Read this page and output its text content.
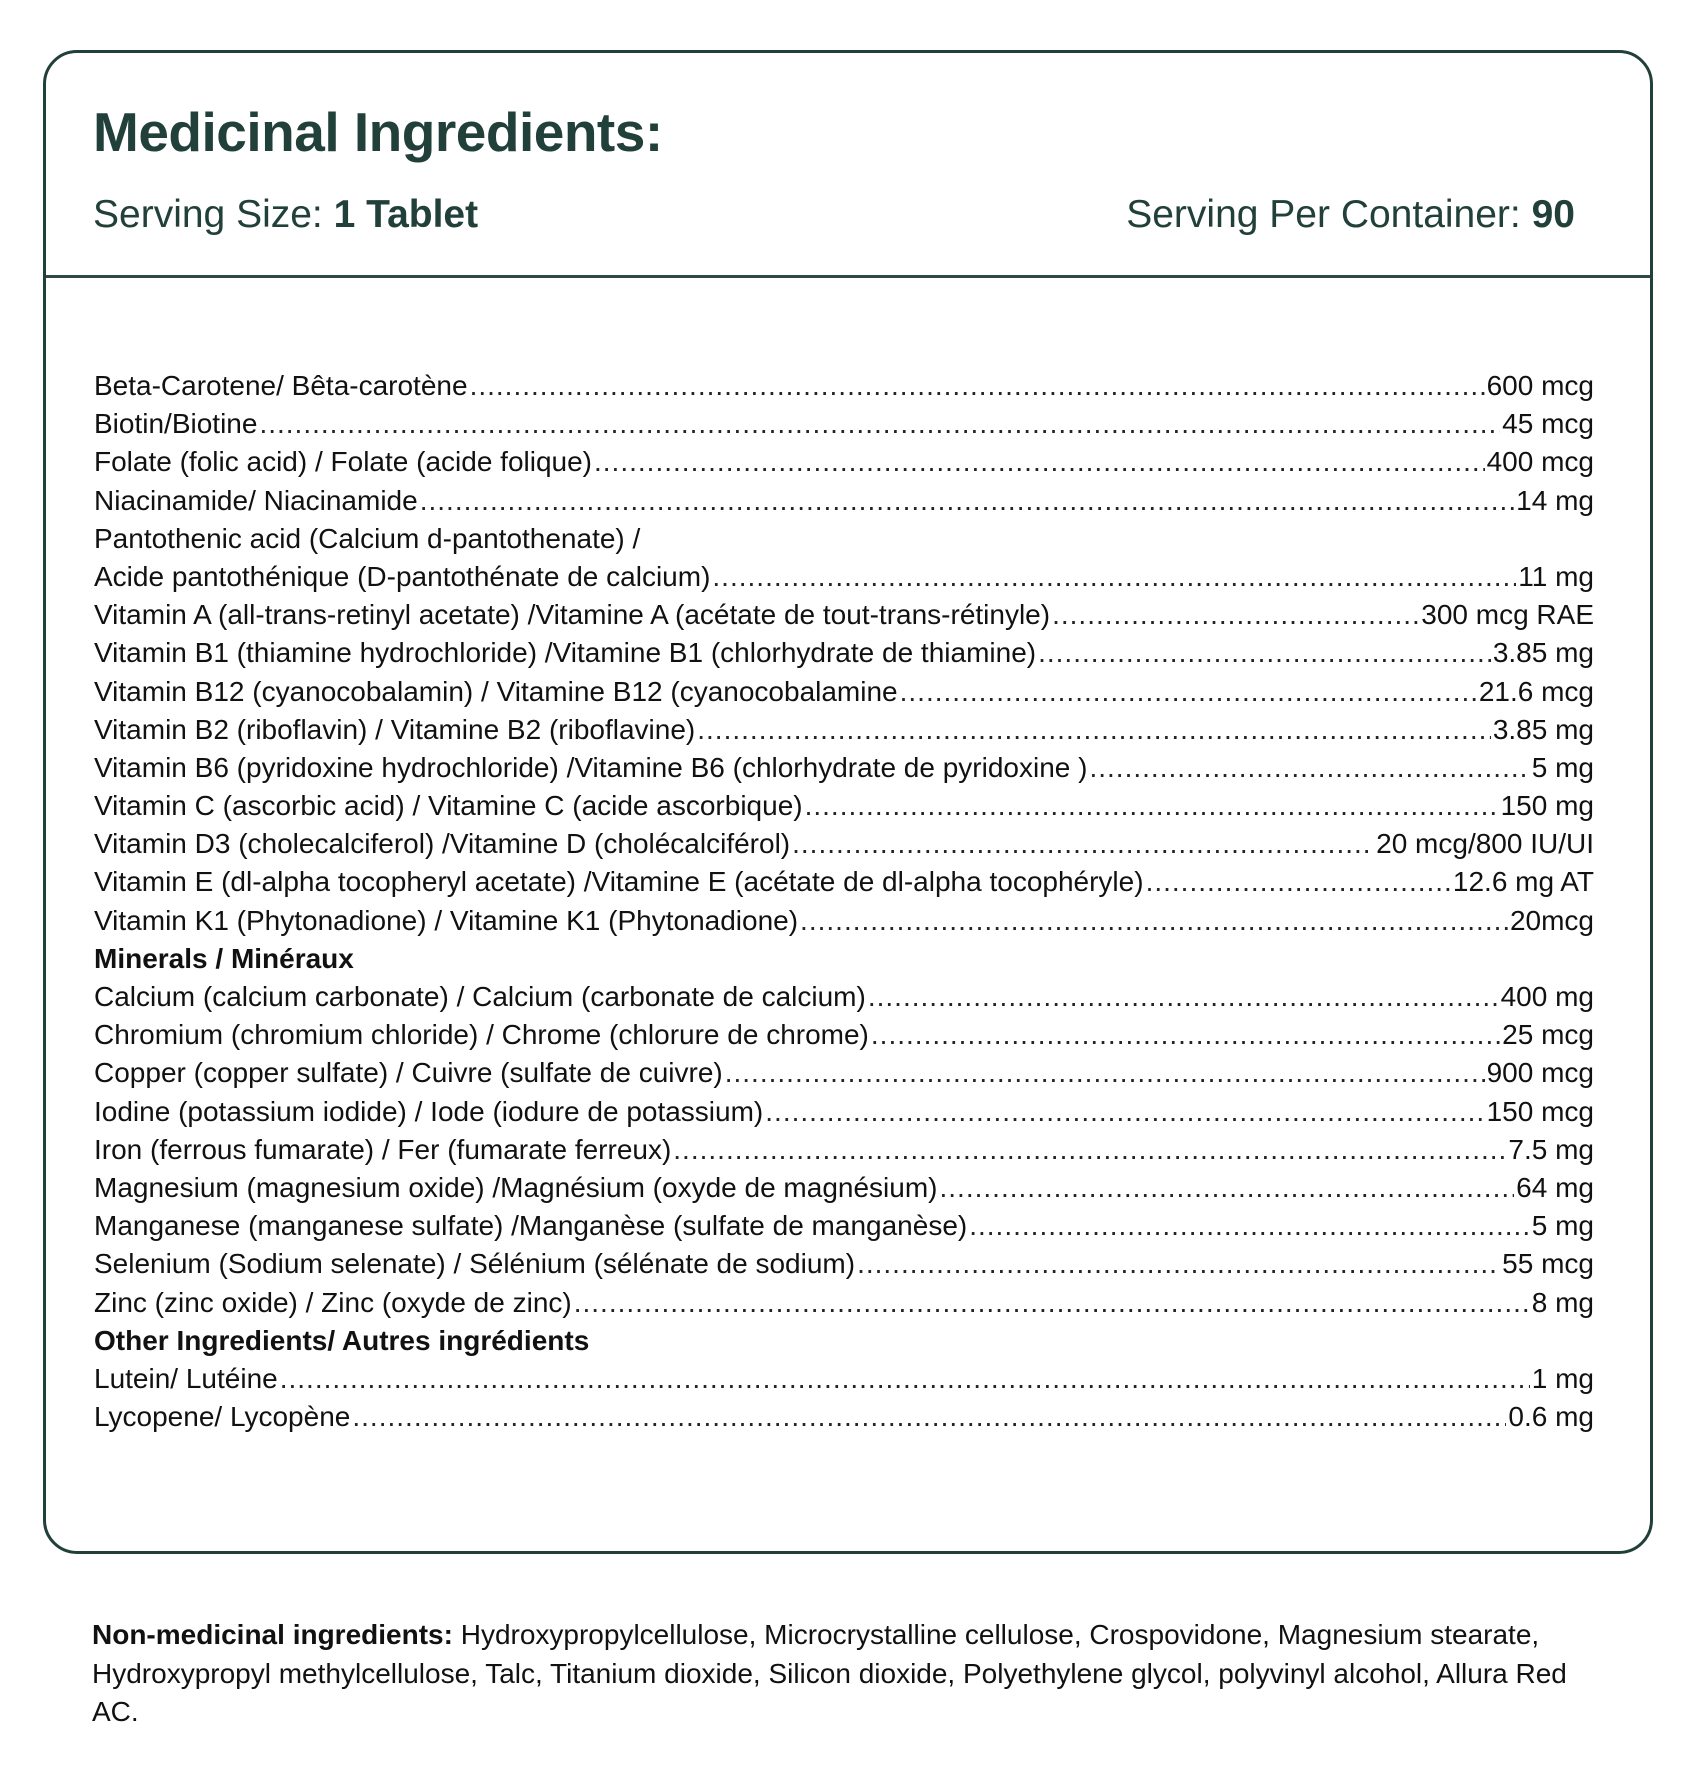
Medicinal Ingredients:
Serving Size: 1 Tablet	Serving Per Container: 90
Beta-Carotene/ Bêta-carotène .....	600 mcg
Biotin/Biotine .....	45 mcg
Folate (folic acid) / Folate (acide folique) .....	400 mcg
Niacinamide/ Niacinamide .....	14 mg
Pantothenic acid (Calcium d-pantothenate) /
Acide pantothénique (D-pantothénate de calcium) .....	11 mg
Vitamin A (all-trans-retinyl acetate) /Vitamine A (acétate de tout-trans-rétinyle) .....	300 mcg RAE
Vitamin B1 (thiamine hydrochloride) /Vitamine B1 (chlorhydrate de thiamine) .....	3.85 mg
Vitamin B12 (cyanocobalamin) / Vitamine B12 (cyanocobalamine .....	21.6 mcg
Vitamin B2 (riboflavin) / Vitamine B2 (riboflavine) .....	3.85 mg
Vitamin B6 (pyridoxine hydrochloride) /Vitamine B6 (chlorhydrate de pyridoxine ) .....	5 mg
Vitamin C (ascorbic acid) / Vitamine C (acide ascorbique) .....	150 mg
Vitamin D3 (cholecalciferol) /Vitamine D (cholécalciférol) .....	20 mcg/800 IU/UI
Vitamin E (dl-alpha tocopheryl acetate) /Vitamine E (acétate de dl-alpha tocophéryle) .....	12.6 mg AT
Vitamin K1 (Phytonadione) / Vitamine K1 (Phytonadione) .....	20mcg
Minerals / Minéraux
Calcium (calcium carbonate) / Calcium (carbonate de calcium) .....	400 mg
Chromium (chromium chloride) / Chrome (chlorure de chrome) .....	25 mcg
Copper (copper sulfate) / Cuivre (sulfate de cuivre) .....	900 mcg
Iodine (potassium iodide) / Iode (iodure de potassium) .....	150 mcg
Iron (ferrous fumarate) / Fer (fumarate ferreux) .....	7.5 mg
Magnesium (magnesium oxide) /Magnésium (oxyde de magnésium) .....	64 mg
Manganese (manganese sulfate) /Manganèse (sulfate de manganèse) .....	5 mg
Selenium (Sodium selenate) / Sélénium (sélénate de sodium) .....	55 mcg
Zinc (zinc oxide) / Zinc (oxyde de zinc) .....	8 mg
Other Ingredients/ Autres ingrédients
Lutein/ Lutéine .....	1 mg
Lycopene/ Lycopène .....	0.6 mg

Non-medicinal ingredients: Hydroxypropylcellulose, Microcrystalline cellulose, Crospovidone, Magnesium stearate, Hydroxypropyl methylcellulose, Talc, Titanium dioxide, Silicon dioxide, Polyethylene glycol, polyvinyl alcohol, Allura Red AC.
